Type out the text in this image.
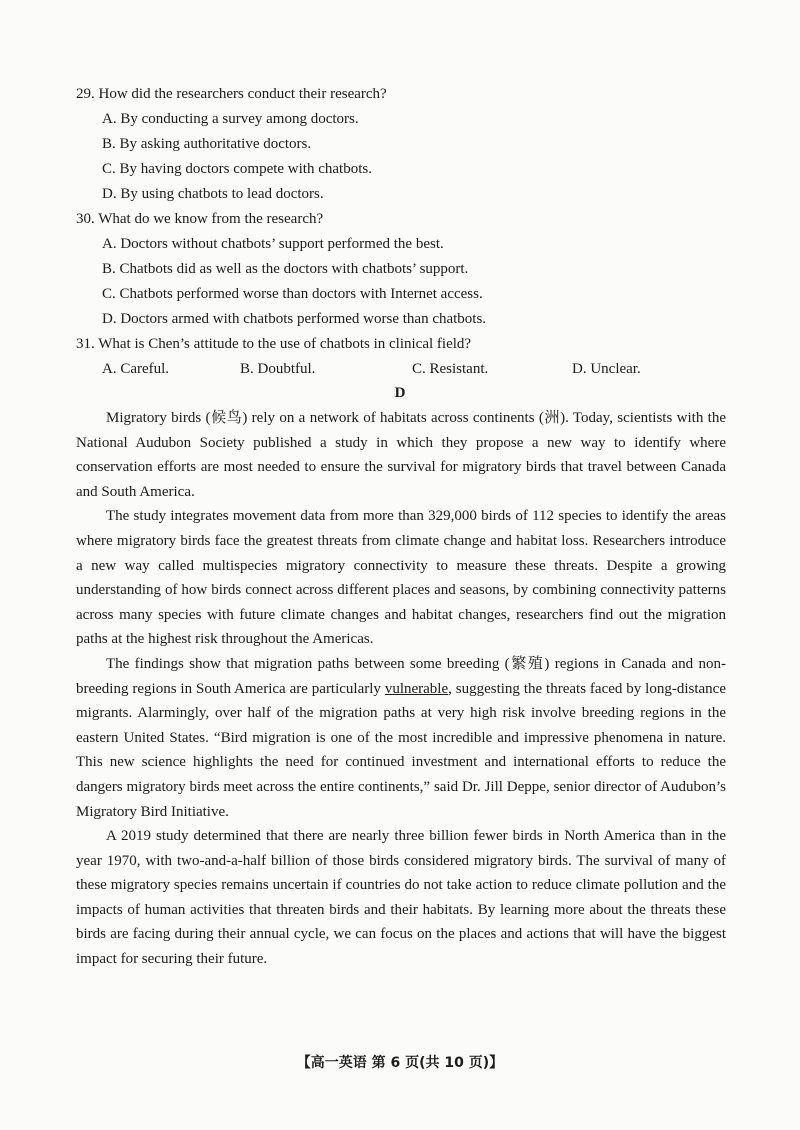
29. How did the researchers conduct their research?
A. By conducting a survey among doctors.
B. By asking authoritative doctors.
C. By having doctors compete with chatbots.
D. By using chatbots to lead doctors.
30. What do we know from the research?
A. Doctors without chatbots’ support performed the best.
B. Chatbots did as well as the doctors with chatbots’ support.
C. Chatbots performed worse than doctors with Internet access.
D. Doctors armed with chatbots performed worse than chatbots.
31. What is Chen’s attitude to the use of chatbots in clinical field?
A. Careful.	B. Doubtful.	C. Resistant.	D. Unclear.
D

Migratory birds (候鸟) rely on a network of habitats across continents (洲). Today, scientists with the National Audubon Society published a study in which they propose a new way to identify where conservation efforts are most needed to ensure the survival for migratory birds that travel between Canada and South America.

The study integrates movement data from more than 329,000 birds of 112 species to identify the areas where migratory birds face the greatest threats from climate change and habitat loss. Researchers introduce a new way called multispecies migratory connectivity to measure these threats. Despite a growing understanding of how birds connect across different places and seasons, by combining connectivity patterns across many species with future climate changes and habitat changes, researchers find out the migration paths at the highest risk throughout the Americas.

The findings show that migration paths between some breeding (繁殖) regions in Canada and non-breeding regions in South America are particularly vulnerable, suggesting the threats faced by long-distance migrants. Alarmingly, over half of the migration paths at very high risk involve breeding regions in the eastern United States. “Bird migration is one of the most incredible and impressive phenomena in nature. This new science highlights the need for continued investment and international efforts to reduce the dangers migratory birds meet across the entire continents,” said Dr. Jill Deppe, senior director of Audubon’s Migratory Bird Initiative.

A 2019 study determined that there are nearly three billion fewer birds in North America than in the year 1970, with two-and-a-half billion of those birds considered migratory birds. The survival of many of these migratory species remains uncertain if countries do not take action to reduce climate pollution and the impacts of human activities that threaten birds and their habitats. By learning more about the threats these birds are facing during their annual cycle, we can focus on the places and actions that will have the biggest impact for securing their future.

【高一英语 第 6 页(共 10 页)】
